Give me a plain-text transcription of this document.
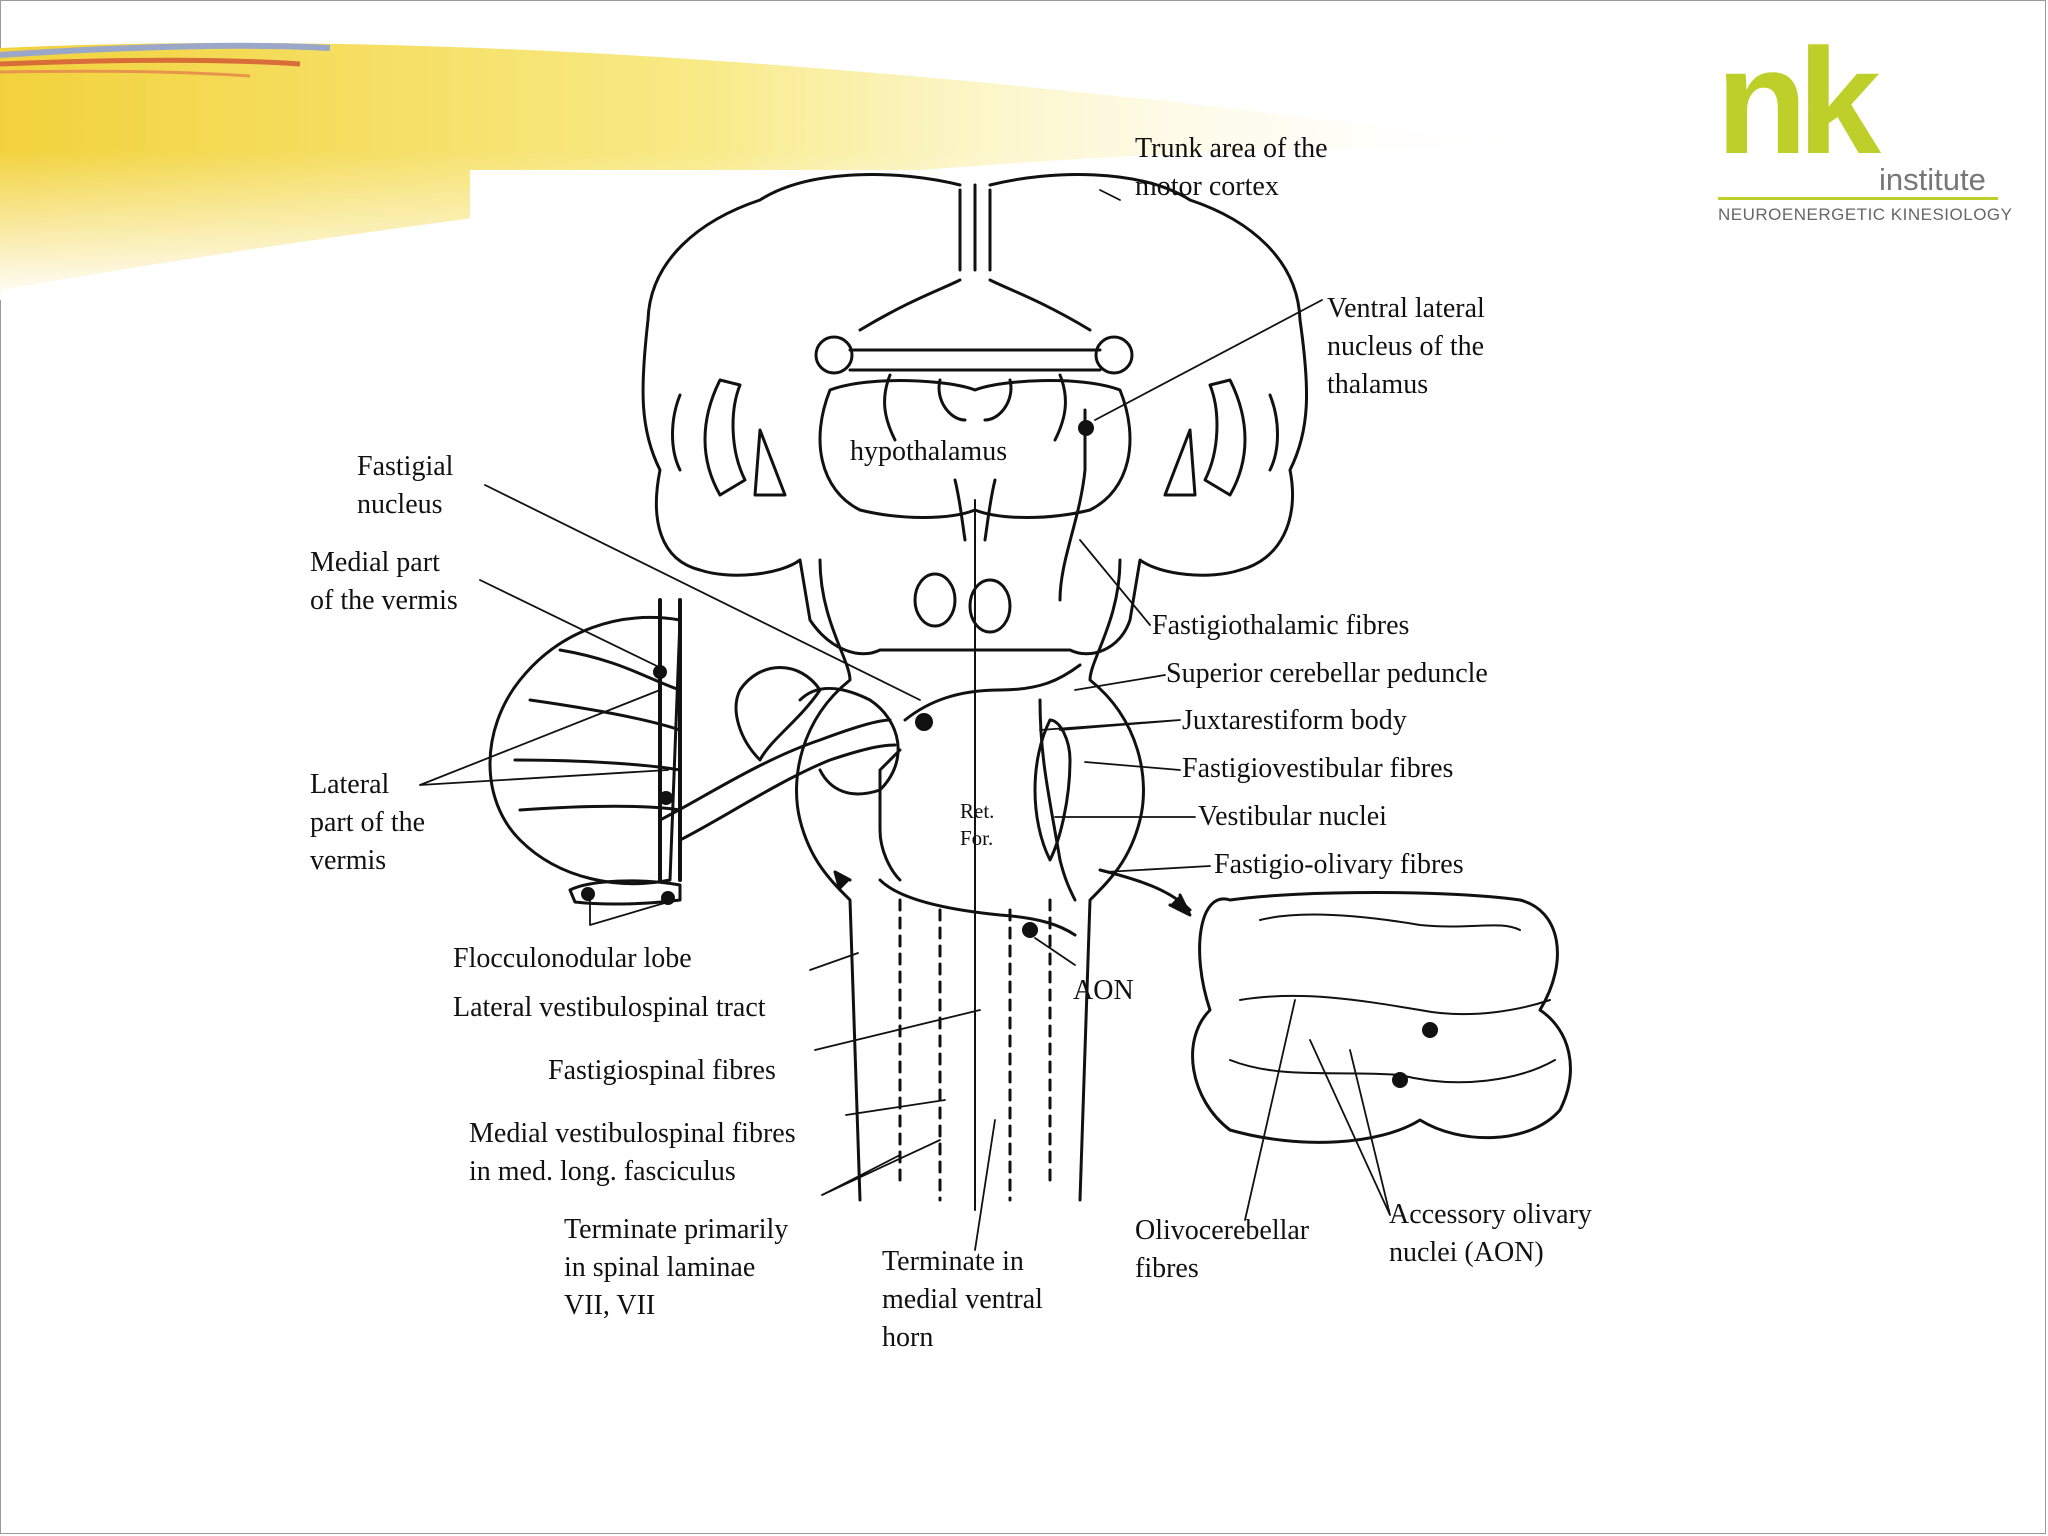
nk institute
NEUROENERGETIC KINESIOLOGY
Trunk area of the
motor cortex
Ventral lateral
nucleus of the
thalamus
hypothalamus
Fastigial
nucleus
Medial part
of the vermis
Fastigiothalamic fibres
Superior cerebellar peduncle
Juxtarestiform body
Fastigiovestibular fibres
Vestibular nuclei
Fastigio-olivary fibres
Lateral
part of the
vermis
Ret.
For.
Flocculonodular lobe
AON
Lateral vestibulospinal tract
Fastigiospinal fibres
Medial vestibulospinal fibres
in med. long. fasciculus
Terminate primarily
in spinal laminae
VII, VII
Terminate in
medial ventral
horn
Olivocerebellar
fibres
Accessory olivary
nuclei (AON)
